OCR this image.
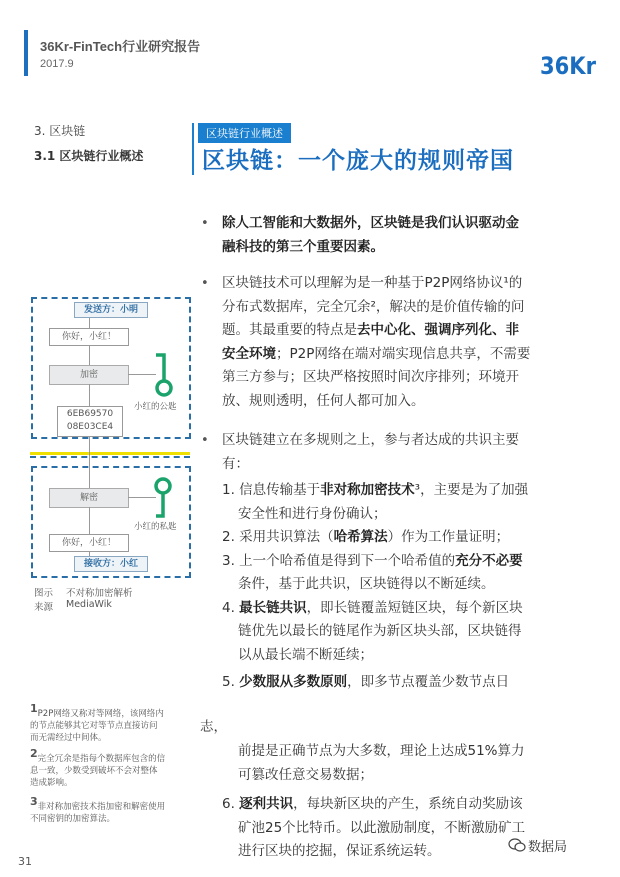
36Kr-FinTech行业研究报告
2017.9	36Kr
3. 区块链
3.1 区块链行业概述
区块链行业概述
区块链：一个庞大的规则帝国
• 除人工智能和大数据外，区块链是我们认识驱动金
融科技的第三个重要因素。
• 区块链技术可以理解为是一种基于P2P网络协议¹的
分布式数据库，完全冗余²，解决的是价值传输的问
题。其最重要的特点是去中心化、强调序列化、非
安全环境；P2P网络在端对端实现信息共享，不需要
第三方参与；区块严格按照时间次序排列；环境开
放、规则透明，任何人都可加入。
• 区块链建立在多规则之上，参与者达成的共识主要
有：
1. 信息传输基于非对称加密技术³，主要是为了加强
安全性和进行身份确认；
2. 采用共识算法（哈希算法）作为工作量证明；
3. 上一个哈希值是得到下一个哈希值的充分不必要
条件，基于此共识，区块链得以不断延续。
4. 最长链共识，即长链覆盖短链区块，每个新区块
链优先以最长的链尾作为新区块头部，区块链得
以从最长端不断延续；
5. 少数服从多数原则，即多节点覆盖少数节点日
志，
前提是正确节点为大多数，理论上达成51%算力
可篡改任意交易数据；
6. 逐利共识，每块新区块的产生，系统自动奖励该
矿池25个比特币。以此激励制度，不断激励矿工
进行区块的挖掘，保证系统运转。
发送方：小明
你好，小红！
加密
6EB69570
08E03CE4
小红的公匙
解密
小红的私匙
你好，小红！
接收方：小红
图示 不对称加密解析
来源 MediaWik
$^1$P2P网络又称对等网络，该网络内
的节点能够其它对等节点直接访问
而无需经过中间体。
$^2$完全冗余是指每个数据库包含的信
息一致，少数受到破坏不会对整体
造成影响。
$^3$非对称加密技术指加密和解密使用
不同密钥的加密算法。
31
数据局
